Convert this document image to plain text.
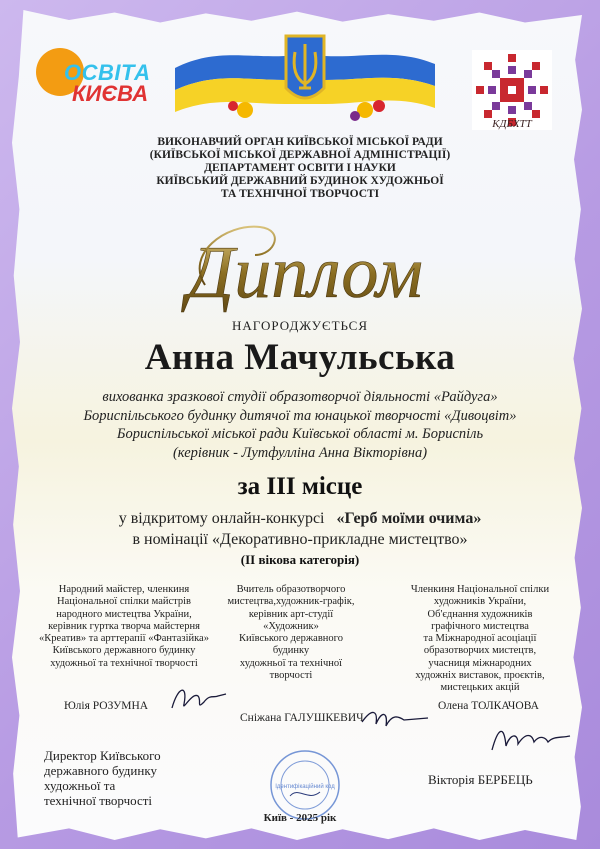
ОСВІТА
КИЄВА
КДБХТТ
ВИКОНАВЧИЙ ОРГАН КИЇВСЬКОЇ МІСЬКОЇ РАДИ
(КИЇВСЬКОЇ МІСЬКОЇ ДЕРЖАВНОЇ АДМІНІСТРАЦІЇ)
ДЕПАРТАМЕНТ ОСВІТИ І НАУКИ
КИЇВСЬКИЙ ДЕРЖАВНИЙ БУДИНОК ХУДОЖНЬОЇ
ТА ТЕХНІЧНОЇ ТВОРЧОСТІ
Диплом
НАГОРОДЖУЄТЬСЯ
Анна Мачульська
вихованка зразкової студії образотворчої діяльності «Райдуга»
Бориспільського будинку дитячої та юнацької творчості «Дивоцвіт»
Бориспільської міської ради Київської області м. Бориспіль
(керівник - Лутфулліна Анна Вікторівна)
за ІІІ місце
у відкритому онлайн-конкурсі «Герб моїми очима»
в номінації «Декоративно-прикладне мистецтво»
(ІІ вікова категорія)
Народний майстер, членкиня
Національної спілки майстрів
народного мистецтва України,
керівник гуртка творча майстерня
«Креатив» та арттерапії «Фантазійка»
Київського державного будинку
художньої та технічної творчості
Вчитель образотворчого
мистецтва,художник-графік,
керівник арт-студії
«Художник»
Київського державного
будинку
художньої та технічної
творчості
Членкиня Національної спілки
художників України,
Об'єднання художників
графічного мистецтва
та Міжнародної асоціації
образотворчих мистецтв,
учасниця міжнародних
художніх виставок, проєктів,
мистецьких акцій
Юлія РОЗУМНА
Сніжана ГАЛУШКЕВИЧ
Олена ТОЛКАЧОВА
Директор Київського
державного будинку
художньої та
технічної творчості
Ідентифікаційний код	Вікторія БЕРБЕЦЬ
Київ - 2025 рік
